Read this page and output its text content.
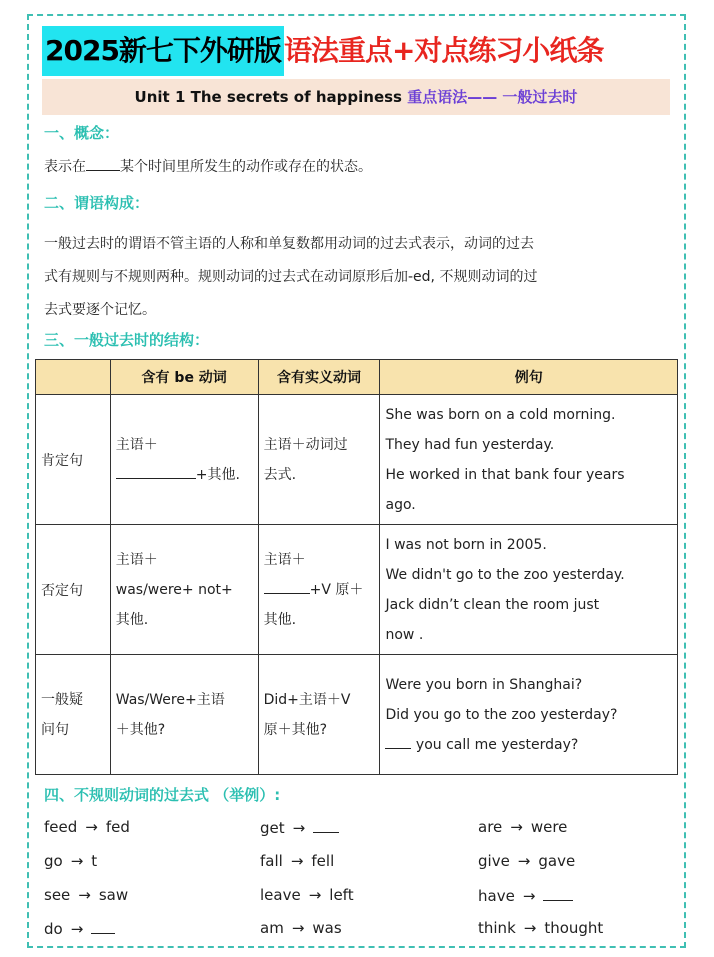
2025新七下外研版 语法重点+对点练习小纸条
Unit 1 The secrets of happiness 重点语法—— 一般过去时
一、概念：
表示在 某个时间里所发生的动作或存在的状态。
二、谓语构成：
一般过去时的谓语不管主语的人称和单复数都用动词的过去式表示，动词的过去
式有规则与不规则两种。规则动词的过去式在动词原形后加-ed, 不规则动词的过
去式要逐个记忆。
三、一般过去时的结构：
	含有 be 动词	含有实义动词	例句
肯定句	主语＋
+其他.	主语＋动词过
去式.	She was born on a cold morning.
They had fun yesterday.
He worked in that bank four years
ago.

否定句	主语＋
was/were+ not+
其他.	主语＋
+V 原＋
其他.	I was not born in 2005.
We didn't go to the zoo yesterday.
Jack didn’t clean the room just
now .

一般疑
问句	Was/Were+主语
＋其他?	Did+主语＋V
原＋其他?	Were you born in Shanghai?
Did you go to the zoo yesterday?
you call me yesterday?
四、不规则动词的过去式 （举例）:
feed → fed	get →	are → were
go → t	fall → fell	give → gave
see → saw	leave → left	have →
do →	am → was	think → thought
